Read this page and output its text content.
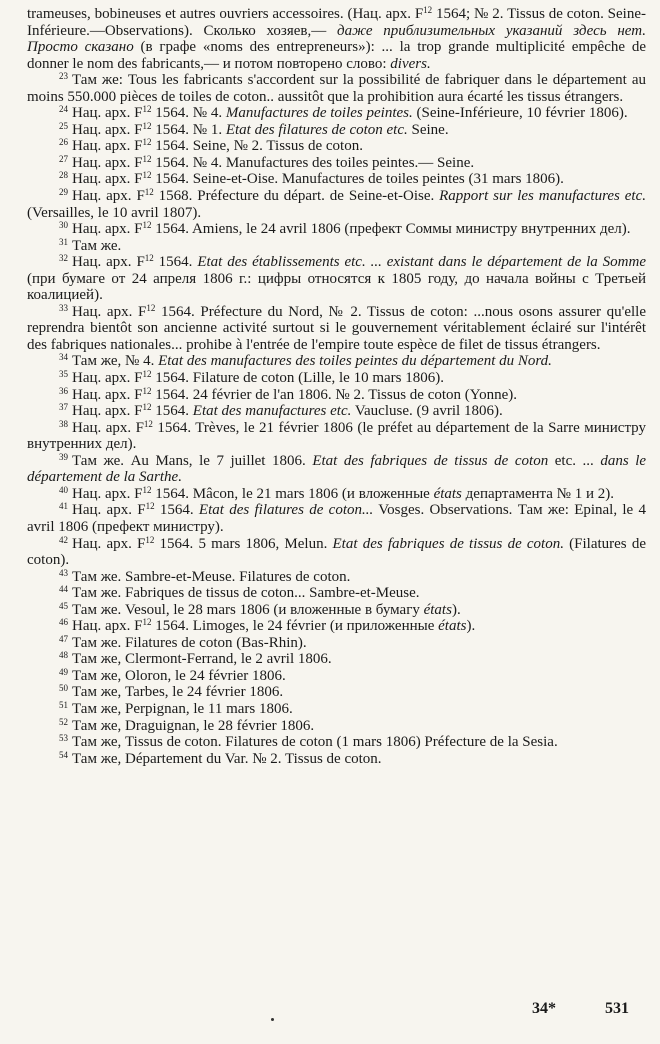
trameuses, bobineuses et autres ouvriers accessoires. (Нац. арх. $F^{12}$ 1564; № 2. Tissus de coton. Seine-Inférieure.—Observations). Сколько хозяев,— даже приблизительных указаний здесь нет. Просто сказано (в графе «noms des entrepreneurs»): ... la trop grande multiplicité empêche de donner le nom des fabricants,— и потом повторено слово: divers.
$^{23}$ Там же: Tous les fabricants s'accordent sur la possibilité de fabriquer dans le département au moins 550.000 pièces de toiles de coton.. aussitôt que la prohibition aura écarté les tissus étrangers.
$^{24}$ Нац. арх. $F^{12}$ 1564. № 4. Manufactures de toiles peintes. (Seine-Inférieure, 10 février 1806).
$^{25}$ Нац. арх. $F^{12}$ 1564. № 1. Etat des filatures de coton etc. Seine.
$^{26}$ Нац. арх. $F^{12}$ 1564. Seine, № 2. Tissus de coton.
$^{27}$ Нац. арх. $F^{12}$ 1564. № 4. Manufactures des toiles peintes.— Seine.
$^{28}$ Нац. арх. $F^{12}$ 1564. Seine-et-Oise. Manufactures de toiles peintes (31 mars 1806).
$^{29}$ Нац. арх. $F^{12}$ 1568. Préfecture du départ. de Seine-et-Oise. Rapport sur les manufactures etc. (Versailles, le 10 avril 1807).
$^{30}$ Нац. арх. $F^{12}$ 1564. Amiens, le 24 avril 1806 (префект Соммы министру внутренних дел).
$^{31}$ Там же.
$^{32}$ Нац. арх. $F^{12}$ 1564. Etat des établissements etc. ... existant dans le département de la Somme (при бумаге от 24 апреля 1806 г.: цифры относятся к 1805 году, до начала войны с Третьей коалицией).
$^{33}$ Нац. арх. $F^{12}$ 1564. Préfecture du Nord, № 2. Tissus de coton: ...nous osons assurer qu'elle reprendra bientôt son ancienne activité surtout si le gouvernement véritablement éclairé sur l'intérêt des fabriques nationales... prohibe à l'entrée de l'empire toute espèce de filet de tissus étrangers.
$^{34}$ Там же, № 4. Etat des manufactures des toiles peintes du département du Nord.
$^{35}$ Нац. арх. $F^{12}$ 1564. Filature de coton (Lille, le 10 mars 1806).
$^{36}$ Нац. арх. $F^{12}$ 1564. 24 février de l'an 1806. № 2. Tissus de coton (Yonne).
$^{37}$ Нац. арх. $F^{12}$ 1564. Etat des manufactures etc. Vaucluse. (9 avril 1806).
$^{38}$ Нац. арх. $F^{12}$ 1564. Trèves, le 21 février 1806 (le préfet au département de la Sarre министру внутренних дел).
$^{39}$ Там же. Au Mans, le 7 juillet 1806. Etat des fabriques de tissus de coton etc. ... dans le département de la Sarthe.
$^{40}$ Нац. арх. $F^{12}$ 1564. Mâcon, le 21 mars 1806 (и вложенные états департамента № 1 и 2).
$^{41}$ Нац. арх. $F^{12}$ 1564. Etat des filatures de coton... Vosges. Observations. Там же: Epinal, le 4 avril 1806 (префект министру).
$^{42}$ Нац. арх. $F^{12}$ 1564. 5 mars 1806, Melun. Etat des fabriques de tissus de coton. (Filatures de coton).
$^{43}$ Там же. Sambre-et-Meuse. Filatures de coton.
$^{44}$ Там же. Fabriques de tissus de coton... Sambre-et-Meuse.
$^{45}$ Там же. Vesoul, le 28 mars 1806 (и вложенные в бумагу états).
$^{46}$ Нац. арх. $F^{12}$ 1564. Limoges, le 24 février (и приложенные états).
$^{47}$ Там же. Filatures de coton (Bas-Rhin).
$^{48}$ Там же, Clermont-Ferrand, le 2 avril 1806.
$^{49}$ Там же, Oloron, le 24 février 1806.
$^{50}$ Там же, Tarbes, le 24 février 1806.
$^{51}$ Там же, Perpignan, le 11 mars 1806.
$^{52}$ Там же, Draguignan, le 28 février 1806.
$^{53}$ Там же, Tissus de coton. Filatures de coton (1 mars 1806) Préfecture de la Sesia.
$^{54}$ Там же, Département du Var. № 2. Tissus de coton.
34*	531
